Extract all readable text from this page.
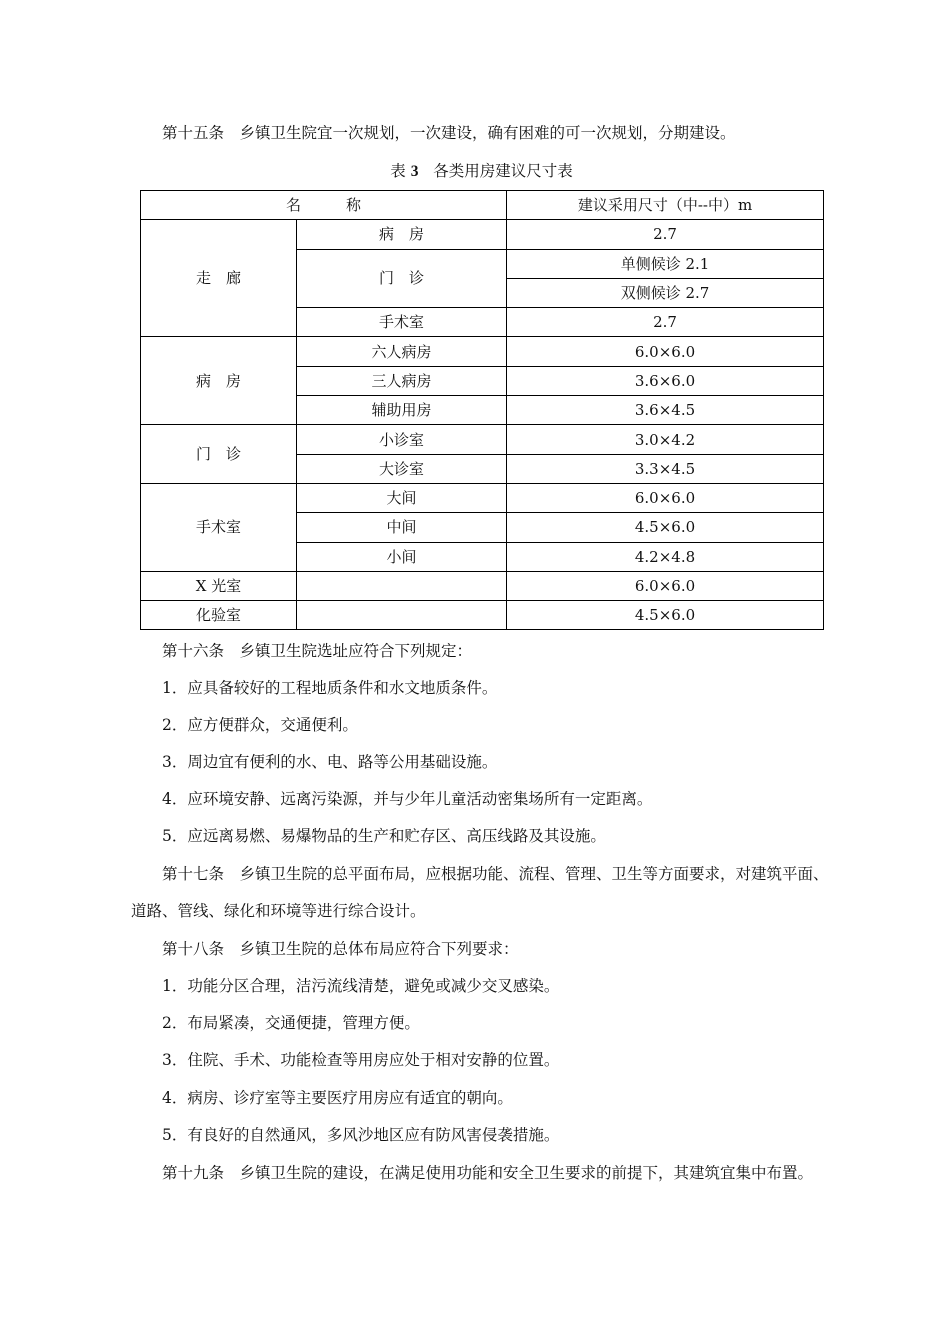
第十五条　乡镇卫生院宜一次规划，一次建设，确有困难的可一次规划，分期建设。

表 3 各类用房建议尺寸表
名　　　称		建议采用尺寸（中--中）m
走　廊	病　房	2.7
	门　诊	单侧候诊 2.1
		双侧候诊 2.7
	手术室	2.7
病　房	六人病房	6.0×6.0
	三人病房	3.6×6.0
	辅助用房	3.6×4.5
门　诊	小诊室	3.0×4.2
	大诊室	3.3×4.5
手术室	大间	6.0×6.0
	中间	4.5×6.0
	小间	4.2×4.8
X 光室		6.0×6.0
化验室		4.5×6.0

第十六条　乡镇卫生院选址应符合下列规定：

1．应具备较好的工程地质条件和水文地质条件。

2．应方便群众，交通便利。

3．周边宜有便利的水、电、路等公用基础设施。

4．应环境安静、远离污染源，并与少年儿童活动密集场所有一定距离。

5．应远离易燃、易爆物品的生产和贮存区、高压线路及其设施。

第十七条　乡镇卫生院的总平面布局，应根据功能、流程、管理、卫生等方面要求，对建筑平面、道路、管线、绿化和环境等进行综合设计。

第十八条　乡镇卫生院的总体布局应符合下列要求：

1．功能分区合理，洁污流线清楚，避免或减少交叉感染。

2．布局紧凑，交通便捷，管理方便。

3．住院、手术、功能检查等用房应处于相对安静的位置。

4．病房、诊疗室等主要医疗用房应有适宜的朝向。

5．有良好的自然通风，多风沙地区应有防风害侵袭措施。

第十九条　乡镇卫生院的建设，在满足使用功能和安全卫生要求的前提下，其建筑宜集中布置。
